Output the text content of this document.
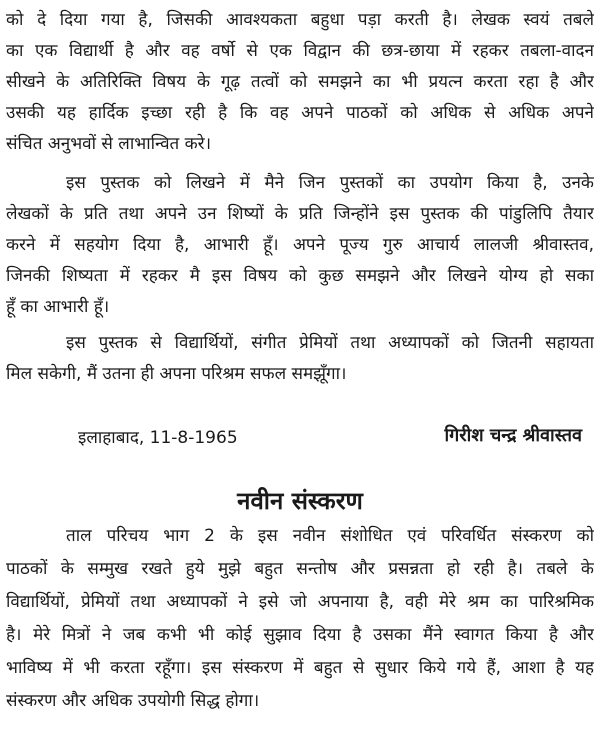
को दे दिया गया है, जिसकी आवश्यकता बहुधा पड़ा करती है। लेखक स्वयं तबले
का एक विद्यार्थी है और वह वर्षो से एक विद्वान की छत्र-छाया में रहकर तबला-वादन
सीखने के अतिरिक्ति विषय के गूढ़ तत्वों को समझने का भी प्रयत्न करता रहा है और
उसकी यह हार्दिक इच्छा रही है कि वह अपने पाठकों को अधिक से अधिक अपने
संचित अनुभवों से लाभान्वित करे।
इस पुस्तक को लिखने में मैने जिन पुस्तकों का उपयोग किया है, उनके
लेखकों के प्रति तथा अपने उन शिष्यों के प्रति जिन्होंने इस पुस्तक की पांडुलिपि तैयार
करने में सहयोग दिया है, आभारी हूँ। अपने पूज्य गुरु आचार्य लालजी श्रीवास्तव,
जिनकी शिष्यता में रहकर मै इस विषय को कुछ समझने और लिखने योग्य हो सका
हूँ का आभारी हूँ।
इस पुस्तक से विद्यार्थियों, संगीत प्रेमियों तथा अध्यापकों को जितनी सहायता
मिल सकेगी, मैं उतना ही अपना परिश्रम सफल समझूँगा।
इलाहाबाद, 11-8-1965	गिरीश चन्द्र श्रीवास्तव
नवीन संस्करण
ताल परिचय भाग 2 के इस नवीन संशोधित एवं परिवर्धित संस्करण को
पाठकों के सम्मुख रखते हुये मुझे बहुत सन्तोष और प्रसन्नता हो रही है। तबले के
विद्यार्थियों, प्रेमियों तथा अध्यापकों ने इसे जो अपनाया है, वही मेरे श्रम का पारिश्रमिक
है। मेरे मित्रों ने जब कभी भी कोई सुझाव दिया है उसका मैंने स्वागत किया है और
भाविष्य में भी करता रहूँगा। इस संस्करण में बहुत से सुधार किये गये हैं, आशा है यह
संस्करण और अधिक उपयोगी सिद्ध होगा।
